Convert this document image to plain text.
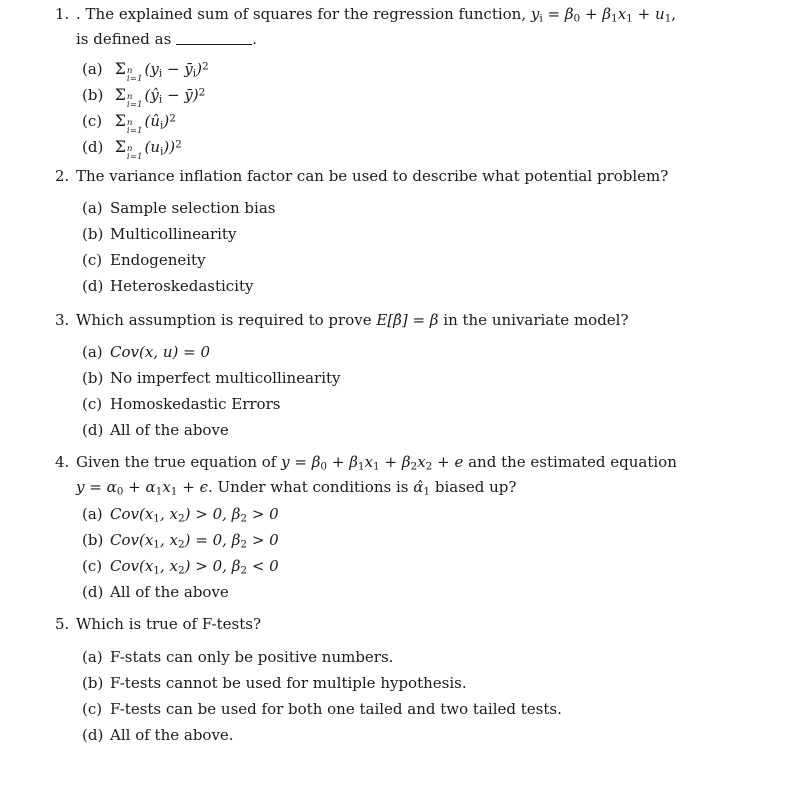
1. . The explained sum of squares for the regression function, $y_i = \beta_0 + \beta_1x_1 + u_1$,
is defined as	.
(a) Σ n
i=1
($y_i$ − $ȳ_i)^2$
(b) Σ n
i=1
($ŷ_i$ − ȳ)$^2$
(c) Σ n
i=1
$(û_i)^2$
(d) Σ n
i=1
$(u_i))^2$
2. The variance inflation factor can be used to describe what potential problem?
(a) Sample selection bias
(b) Multicollinearity
(c) Endogeneity
(d) Heteroskedasticity
3. Which assumption is required to prove E[β̂] = β in the univariate model?
(a) Cov(x, u) = 0
(b) No imperfect multicollinearity
(c) Homoskedastic Errors
(d) All of the above
4. Given the true equation of $y = \beta_0 + \beta_1x_1 + \beta_2x_2 + e$ and the estimated equation
$y = \alpha_0 + \alpha_1x_1 + \epsilon$. Under what conditions is $\alphâ_1$ biased up?
(a) $Cov(x_1$, $x_2) > 0$, $\beta_2 > 0$
(b) $Cov(x_1$, $x_2) = 0$, $\beta_2 > 0$
(c) $Cov(x_1$, $x_2) > 0$, $\beta_2 < 0$
(d) All of the above
5. Which is true of F-tests?
(a) F-stats can only be positive numbers.
(b) F-tests cannot be used for multiple hypothesis.
(c) F-tests can be used for both one tailed and two tailed tests.
(d) All of the above.
